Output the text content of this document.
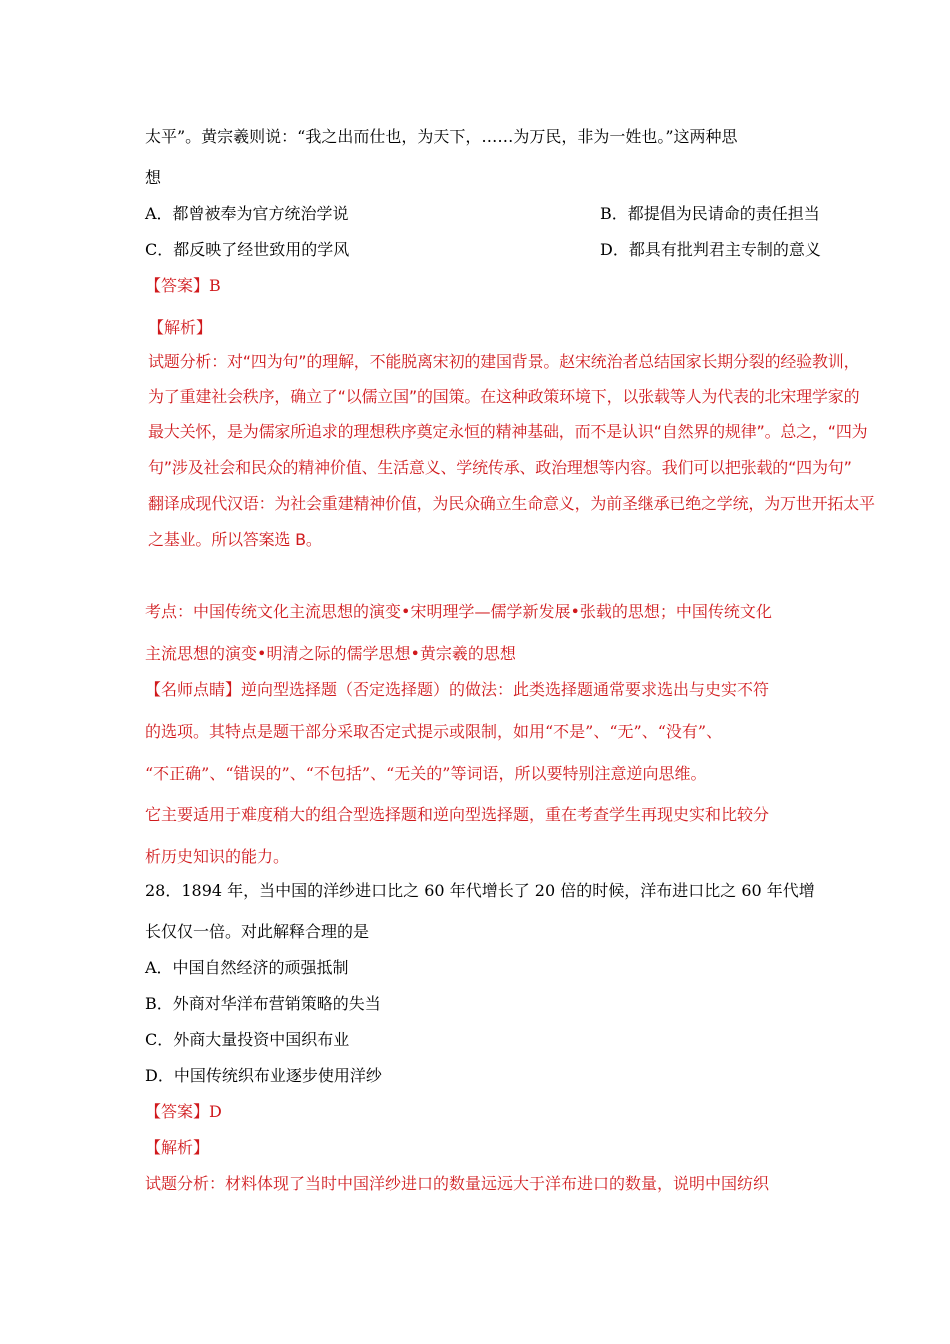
太平”。黄宗羲则说：“我之出而仕也，为天下，……为万民，非为一姓也。”这两种思
想
A．都曾被奉为官方统治学说	B．都提倡为民请命的责任担当
C．都反映了经世致用的学风	D．都具有批判君主专制的意义
【答案】B
【解析】
试题分析：对“四为句”的理解，不能脱离宋初的建国背景。赵宋统治者总结国家长期分裂的经验教训，
为了重建社会秩序，确立了“以儒立国”的国策。在这种政策环境下，以张载等人为代表的北宋理学家的
最大关怀，是为儒家所追求的理想秩序奠定永恒的精神基础，而不是认识“自然界的规律”。总之，“四为
句”涉及社会和民众的精神价值、生活意义、学统传承、政治理想等内容。我们可以把张载的“四为句”
翻译成现代汉语：为社会重建精神价值，为民众确立生命意义，为前圣继承已绝之学统，为万世开拓太平
之基业。所以答案选 B。
考点：中国传统文化主流思想的演变•宋明理学—儒学新发展•张载的思想；中国传统文化
主流思想的演变•明清之际的儒学思想•黄宗羲的思想
【名师点睛】逆向型选择题（否定选择题）的做法：此类选择题通常要求选出与史实不符
的选项。其特点是题干部分采取否定式提示或限制，如用“不是”、“无”、“没有”、
“不正确”、“错误的”、“不包括”、“无关的”等词语，所以要特别注意逆向思维。
它主要适用于难度稍大的组合型选择题和逆向型选择题，重在考查学生再现史实和比较分
析历史知识的能力。
28．1894 年，当中国的洋纱进口比之 60 年代增长了 20 倍的时候，洋布进口比之 60 年代增
长仅仅一倍。对此解释合理的是
A．中国自然经济的顽强抵制
B．外商对华洋布营销策略的失当
C．外商大量投资中国织布业
D．中国传统织布业逐步使用洋纱
【答案】D
【解析】
试题分析：材料体现了当时中国洋纱进口的数量远远大于洋布进口的数量，说明中国纺织
